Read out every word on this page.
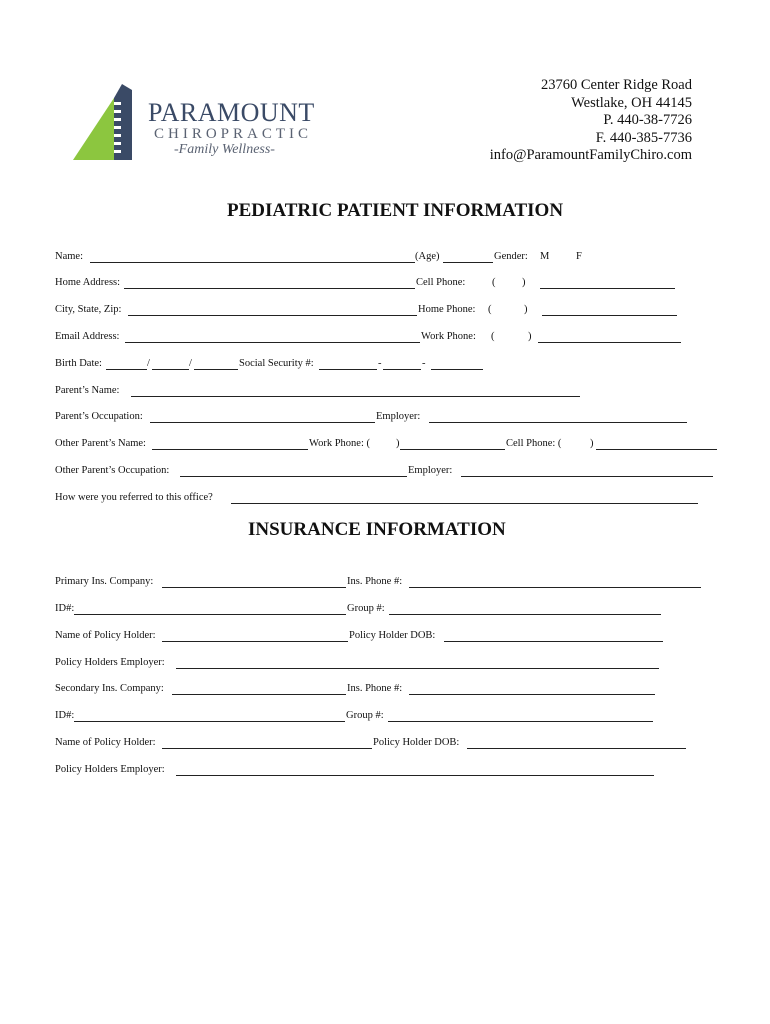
PARAMOUNT
CHIROPRACTIC
-Family Wellness-
23760 Center Ridge Road
Westlake, OH 44145
P. 440-38-7726
F. 440-385-7736
info@ParamountFamilyChiro.com
PEDIATRIC PATIENT INFORMATION
Name:	(Age)	Gender: M	F
Home Address:	Cell Phone:	(	)
City, State, Zip:	Home Phone: (	)
Email Address:	Work Phone: (	)
Birth Date:	/	/	Social Security #:	-	-
Parent’s Name:
Parent’s Occupation:	Employer:
Other Parent’s Name:	Work Phone: ( )	Cell Phone: (	)
Other Parent’s Occupation:	Employer:
How were you referred to this office?
INSURANCE INFORMATION
Primary Ins. Company:	Ins. Phone #:
ID#:	Group #:
Name of Policy Holder:	Policy Holder DOB:
Policy Holders Employer:
Secondary Ins. Company:	Ins. Phone #:
ID#:	Group #:
Name of Policy Holder:	Policy Holder DOB:
Policy Holders Employer:
